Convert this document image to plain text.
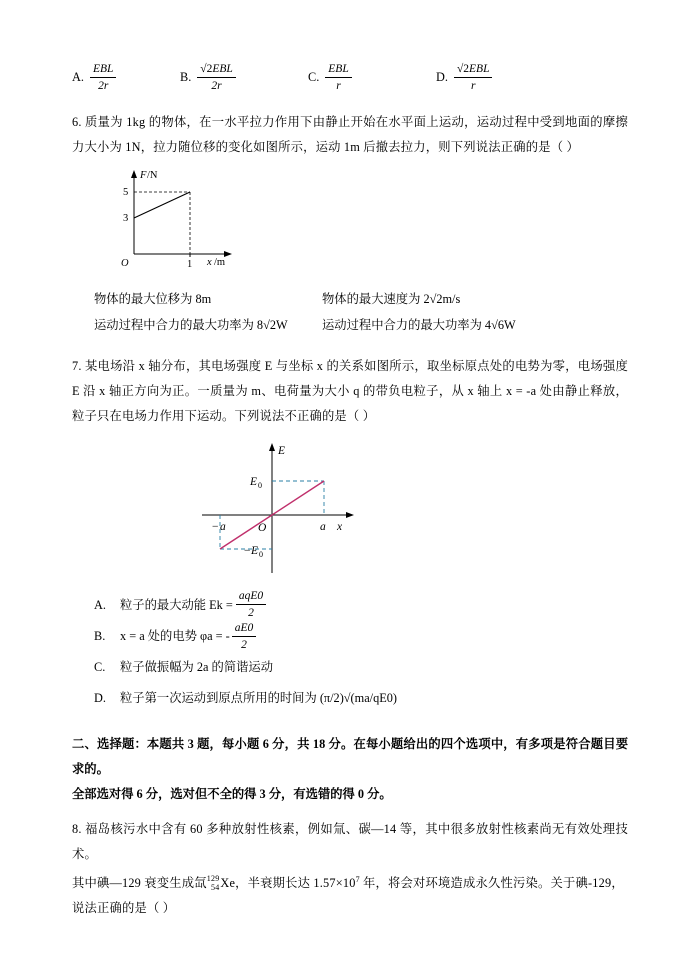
A. $\frac{\text{EBL}}{2r}$	B. $\frac{\text{√2EBL}}{2r}$	C. $\frac{\text{EBL}}{r}$	D. $\frac{\text{√2EBL}}{r}$
6. 质量为 1kg 的物体，在一水平拉力作用下由静止开始在水平面上运动，运动过程中受到地面的摩擦力大小为 1N，拉力随位移的变化如图所示，运动 1m 后撤去拉力，则下列说法正确的是（ ）
F /N
5
3
O	1 x /m
物体的最大位移为 8m	物体的最大速度为 2√2m/s
运动过程中合力的最大功率为 8√2W	运动过程中合力的最大功率为 4√6W
7. 某电场沿 x 轴分布，其电场强度 E 与坐标 x 的关系如图所示，取坐标原点处的电势为零，电场强度 E 沿 x 轴正方向为正。一质量为 m、电荷量为大小 q 的带负电粒子，从 x 轴上 x = -a 处由静止释放，粒子只在电场力作用下运动。下列说法不正确的是（ ）
E
E 0
− E 0
− a	O	a x
A.	粒子的最大动能 $Ek = \frac{\text{aqE0}}{2}$
B.	x = a 处的电势 φa = - $\frac{aE0}{2}$
C.	粒子做振幅为 2a 的简谐运动
D.	粒子第一次运动到原点所用的时间为 (π/2)√(ma/qE0)
二、选择题：本题共 3 题，每小题 6 分，共 18 分。在每小题给出的四个选项中，有多项是符合题目要求的。
全部选对得 6 分，选对但不全的得 3 分，有选错的得 0 分。
8. 福岛核污水中含有 60 多种放射性核素，例如氚、碳—14 等，其中很多放射性核素尚无有效处理技术。
其中碘—129 衰变生成氙 129
54 Xe，半衰期长达 $1.57\times 10^7$ 年，将会对环境造成永久性污染。关于碘-129，
说法正确的是（ ）
